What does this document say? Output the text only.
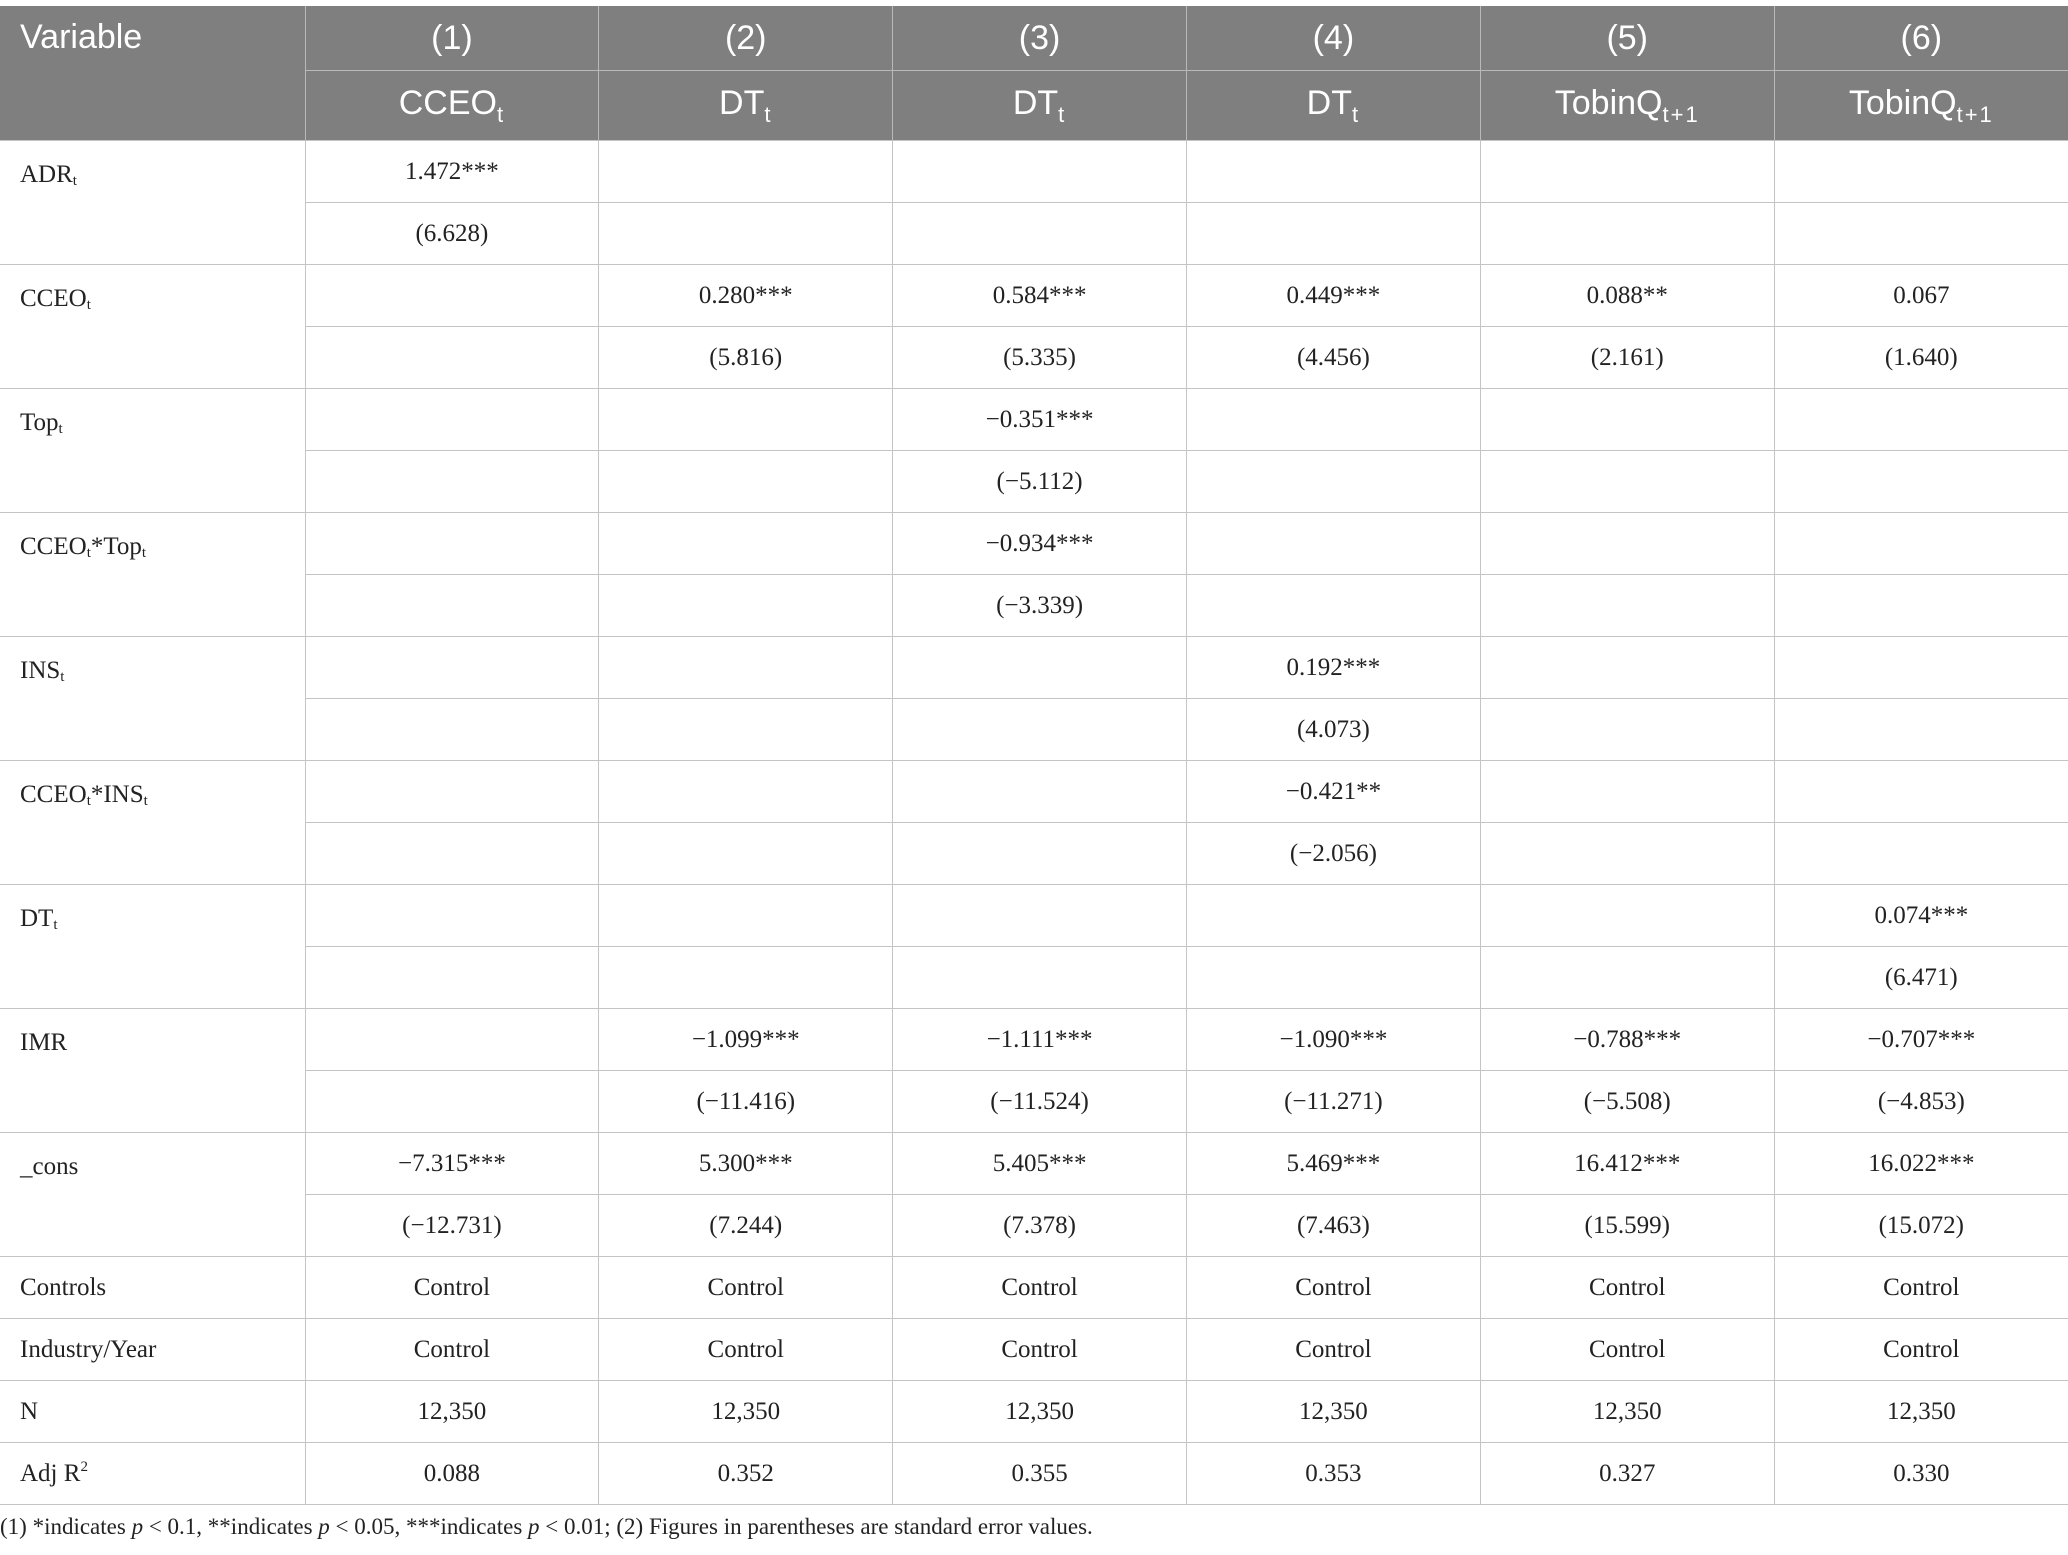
Variable	(1)	(2)	(3)	(4)	(5)	(6)
	$CCEO_t$	$DT_t$	$DT_t$	$DT_t$	TobinQ$_{t+1}$	TobinQ$_{t+1}$
$ADR_t$	1.472***					
	(6.628)					
$CCEO_t$		0.280***	0.584***	0.449***	0.088**	0.067
		(5.816)	(5.335)	(4.456)	(2.161)	(1.640)
Top$_t$			−0.351***			
			(−5.112)			
$CCEO_t*Top_t$			−0.934***			
			(−3.339)			
$INS_t$				0.192***		
				(4.073)		
$CCEO_t*INS_t$				−0.421**		
				(−2.056)		
$DT_t$						0.074***
						(6.471)
IMR		−1.099***	−1.111***	−1.090***	−0.788***	−0.707***
		(−11.416)	(−11.524)	(−11.271)	(−5.508)	(−4.853)
_cons	−7.315***	5.300***	5.405***	5.469***	16.412***	16.022***
	(−12.731)	(7.244)	(7.378)	(7.463)	(15.599)	(15.072)
Controls	Control	Control	Control	Control	Control	Control
Industry/Year	Control	Control	Control	Control	Control	Control
N	12,350	12,350	12,350	12,350	12,350	12,350
Adj $R^2$	0.088	0.352	0.355	0.353	0.327	0.330
(1) *indicates p < 0.1, **indicates p < 0.05, ***indicates p < 0.01; (2) Figures in parentheses are standard error values.
